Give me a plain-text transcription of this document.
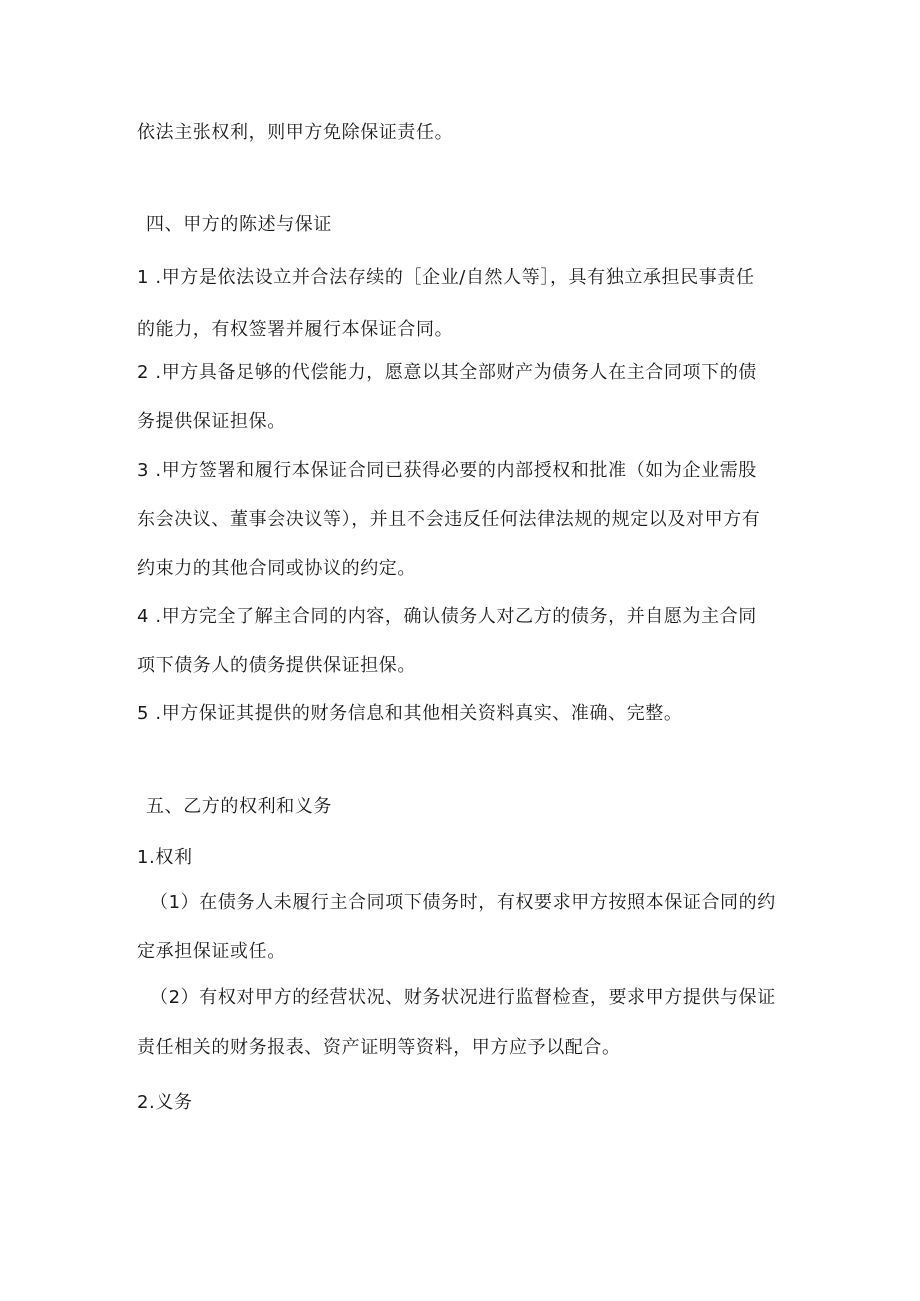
依法主张权利，则甲方免除保证责任。
四、甲方的陈述与保证
1 .甲方是依法设立并合法存续的［企业/自然人等］，具有独立承担民事责任
的能力，有权签署并履行本保证合同。
2 .甲方具备足够的代偿能力，愿意以其全部财产为债务人在主合同项下的债
务提供保证担保。
3 .甲方签署和履行本保证合同已获得必要的内部授权和批准（如为企业需股
东会决议、董事会决议等），并且不会违反任何法律法规的规定以及对甲方有
约束力的其他合同或协议的约定。
4 .甲方完全了解主合同的内容，确认债务人对乙方的债务，并自愿为主合同
项下债务人的债务提供保证担保。
5 .甲方保证其提供的财务信息和其他相关资料真实、准确、完整。
五、乙方的权利和义务
1.权利
（1）在债务人未履行主合同项下债务时，有权要求甲方按照本保证合同的约
定承担保证或任。
（2）有权对甲方的经营状况、财务状况进行监督检查，要求甲方提供与保证
责任相关的财务报表、资产证明等资料，甲方应予以配合。
2.义务
